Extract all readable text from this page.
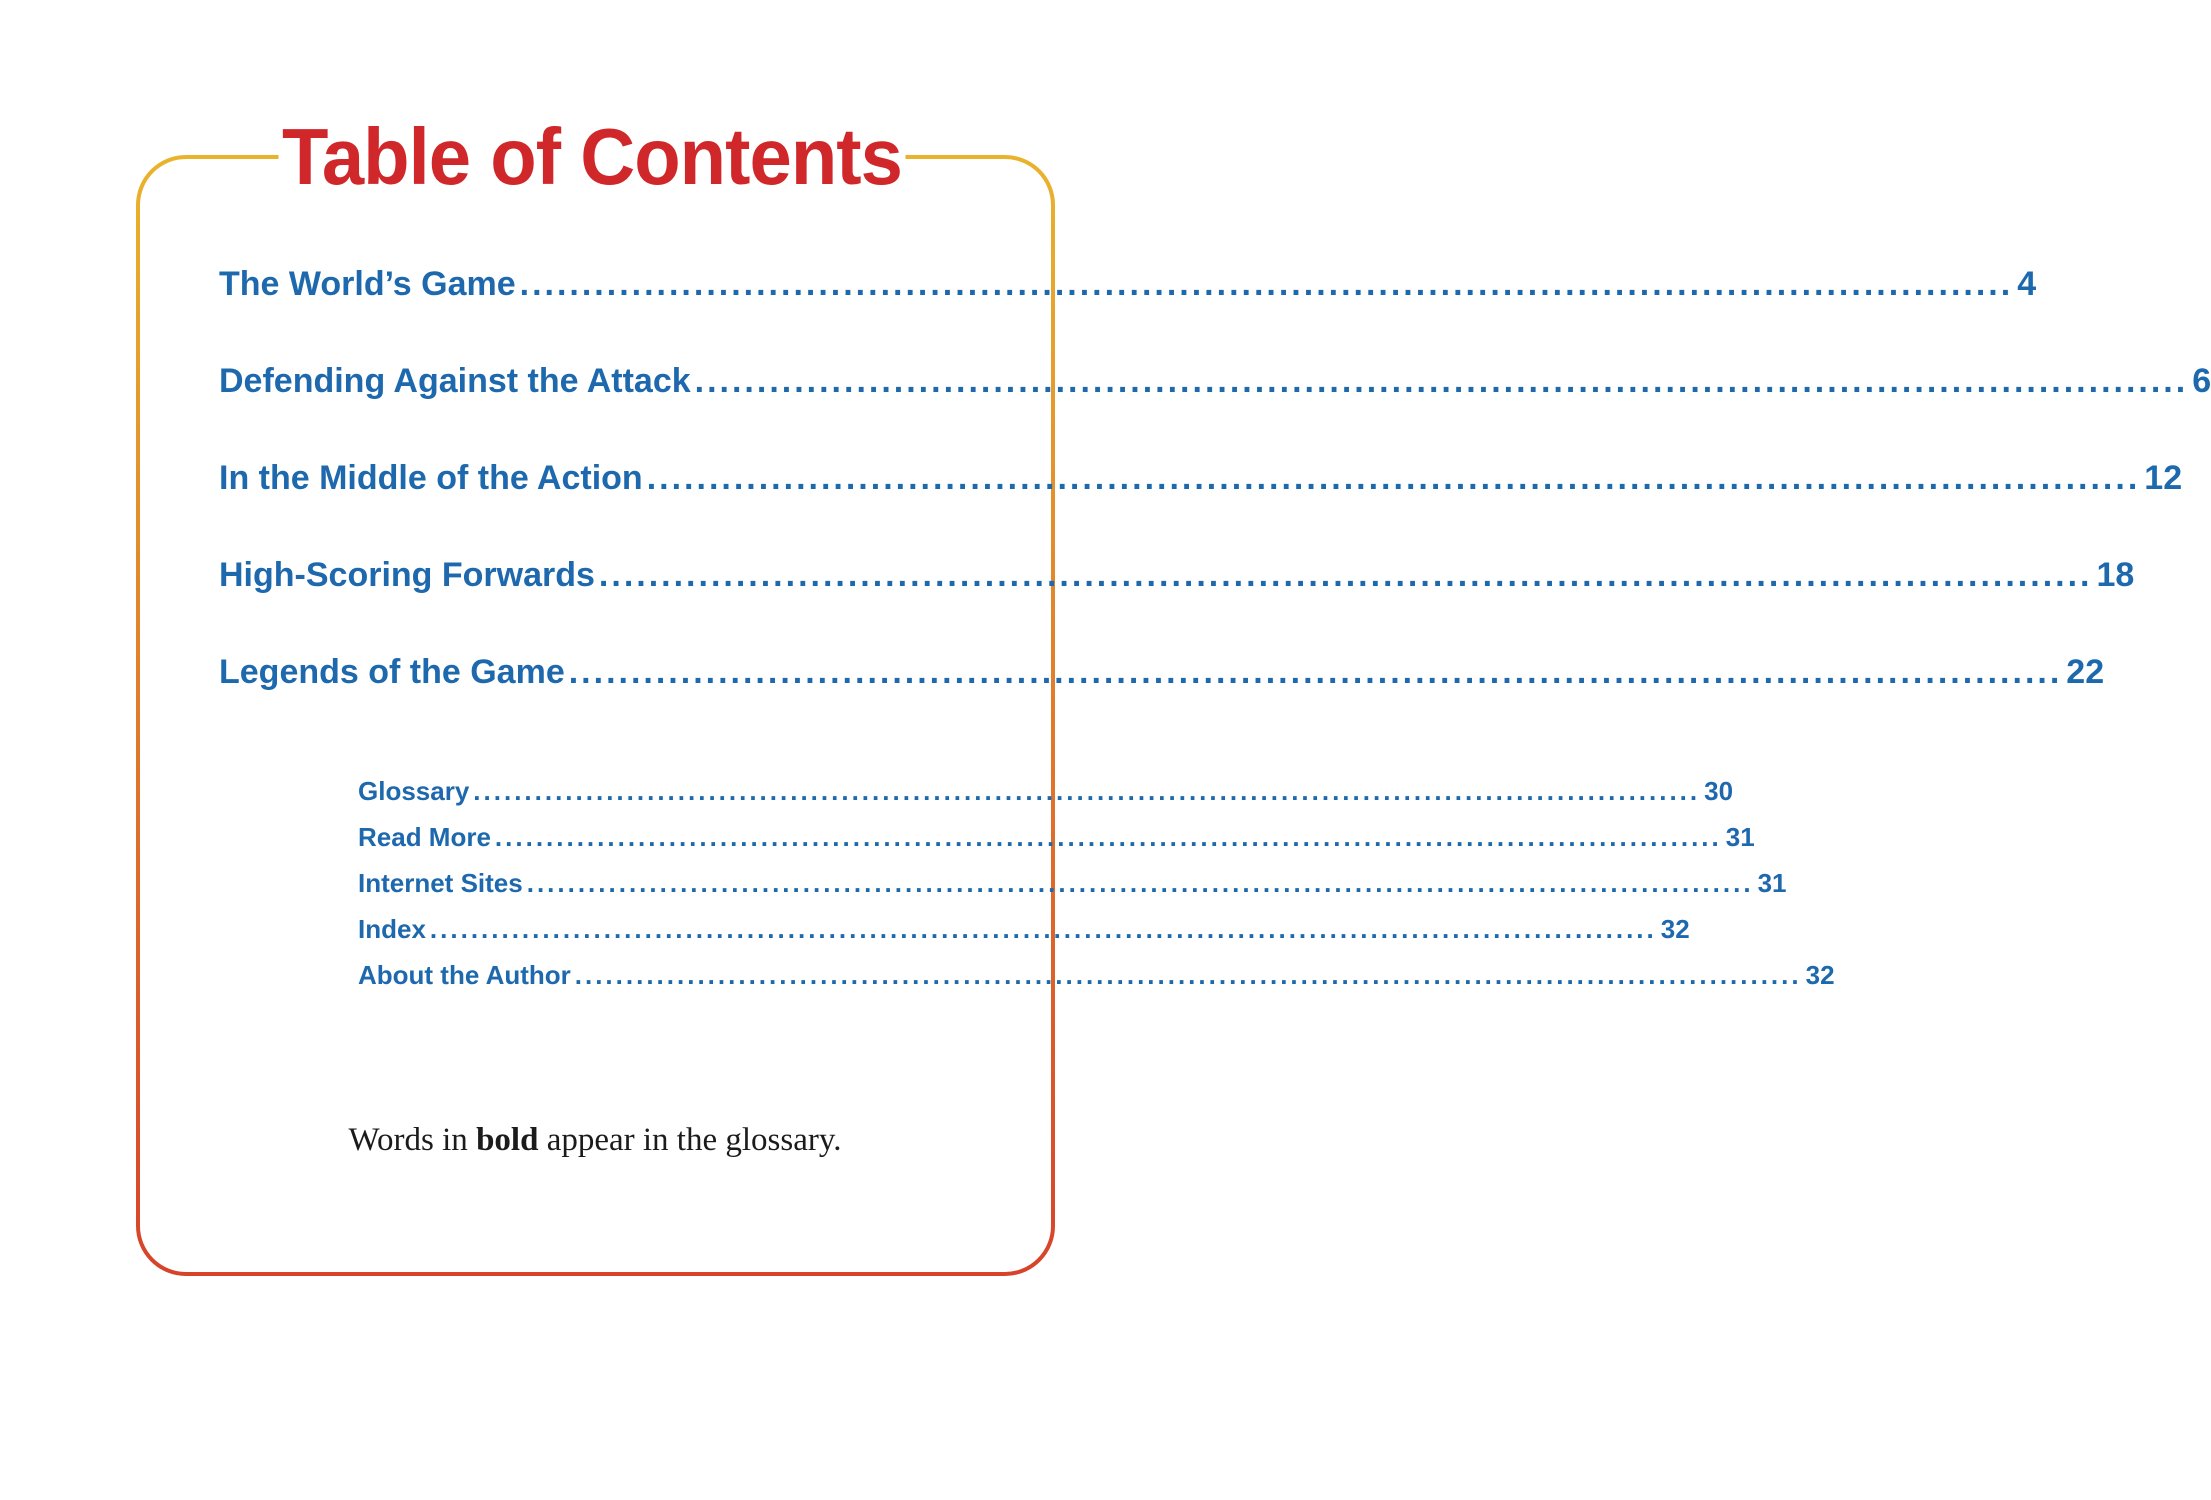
Table of Contents
The World’s Game ........................................................................................................................ 4
Defending Against the Attack ........................................................................................................................ 6
In the Middle of the Action ........................................................................................................................ 12
High-Scoring Forwards ........................................................................................................................ 18
Legends of the Game ........................................................................................................................ 22
Glossary ........................................................................................................................ 30
Read More ........................................................................................................................ 31
Internet Sites ........................................................................................................................ 31
Index ........................................................................................................................ 32
About the Author ........................................................................................................................ 32
Words in bold appear in the glossary.
